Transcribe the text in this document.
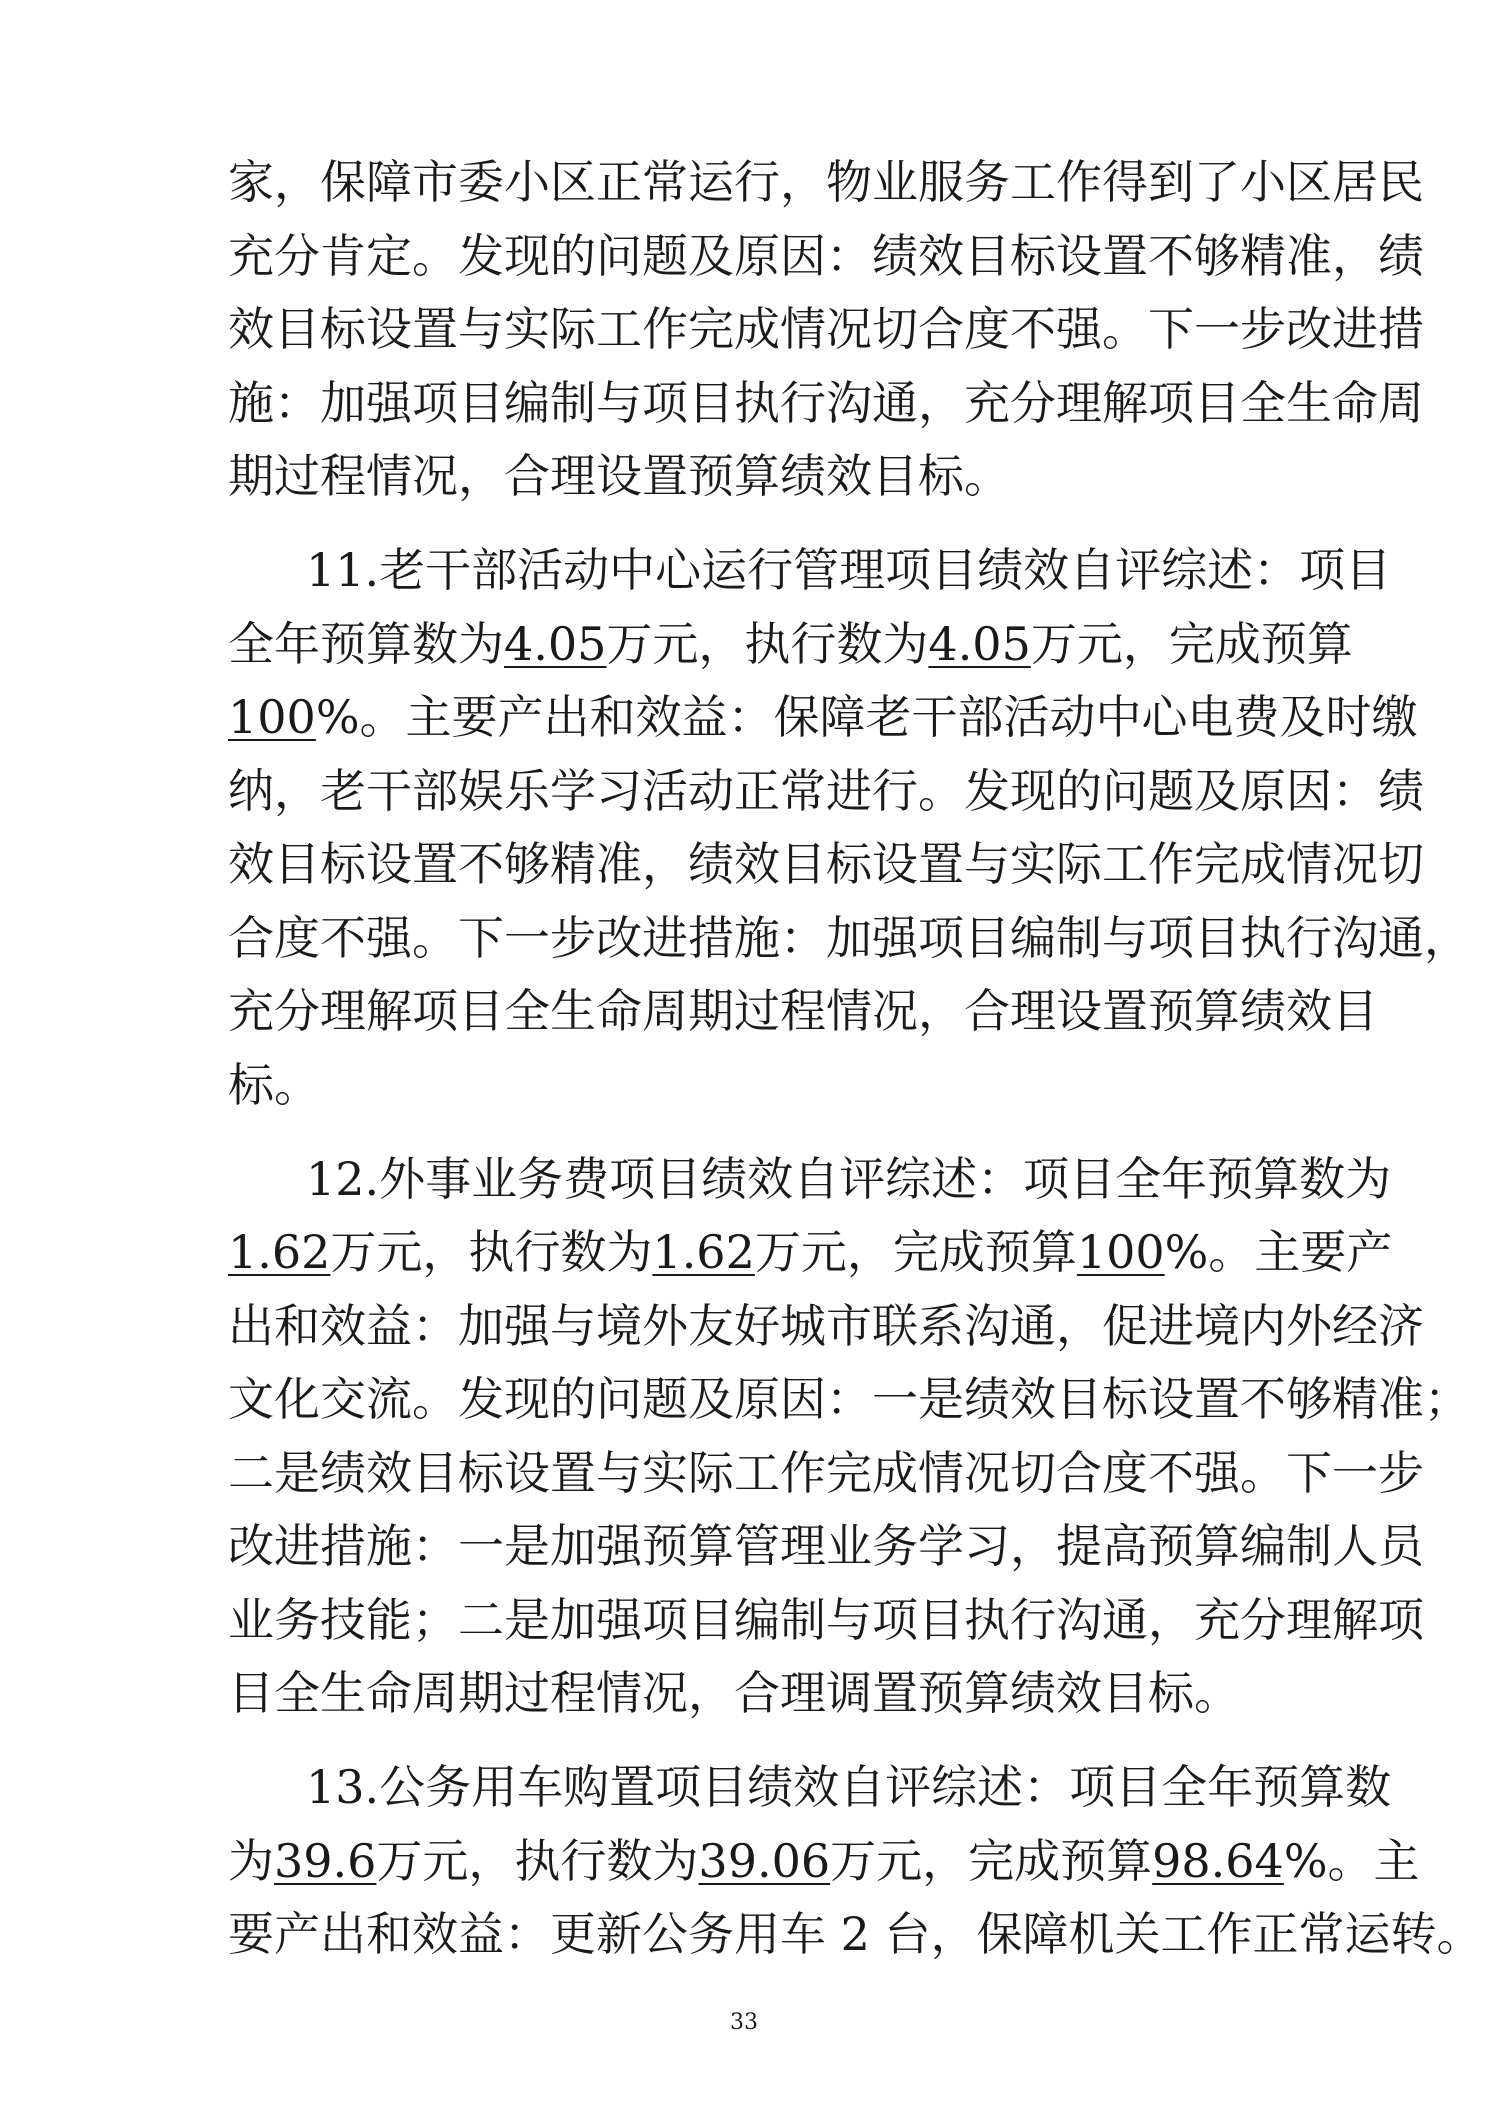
家，保障市委小区正常运行，物业服务工作得到了小区居民
充分肯定。发现的问题及原因：绩效目标设置不够精准，绩
效目标设置与实际工作完成情况切合度不强。下一步改进措
施：加强项目编制与项目执行沟通，充分理解项目全生命周
期过程情况，合理设置预算绩效目标。
11.老干部活动中心运行管理项目绩效自评综述：项目
全年预算数为4.05万元，执行数为4.05万元，完成预算
100%。主要产出和效益：保障老干部活动中心电费及时缴
纳，老干部娱乐学习活动正常进行。发现的问题及原因：绩
效目标设置不够精准，绩效目标设置与实际工作完成情况切
合度不强。下一步改进措施：加强项目编制与项目执行沟通，
充分理解项目全生命周期过程情况，合理设置预算绩效目
标。
12.外事业务费项目绩效自评综述：项目全年预算数为
1.62万元，执行数为1.62万元，完成预算100%。主要产
出和效益：加强与境外友好城市联系沟通，促进境内外经济
文化交流。发现的问题及原因：一是绩效目标设置不够精准；
二是绩效目标设置与实际工作完成情况切合度不强。下一步
改进措施：一是加强预算管理业务学习，提高预算编制人员
业务技能；二是加强项目编制与项目执行沟通，充分理解项
目全生命周期过程情况，合理调置预算绩效目标。
13.公务用车购置项目绩效自评综述：项目全年预算数
为39.6万元，执行数为39.06万元，完成预算98.64%。主
要产出和效益：更新公务用车 2 台，保障机关工作正常运转。
33
